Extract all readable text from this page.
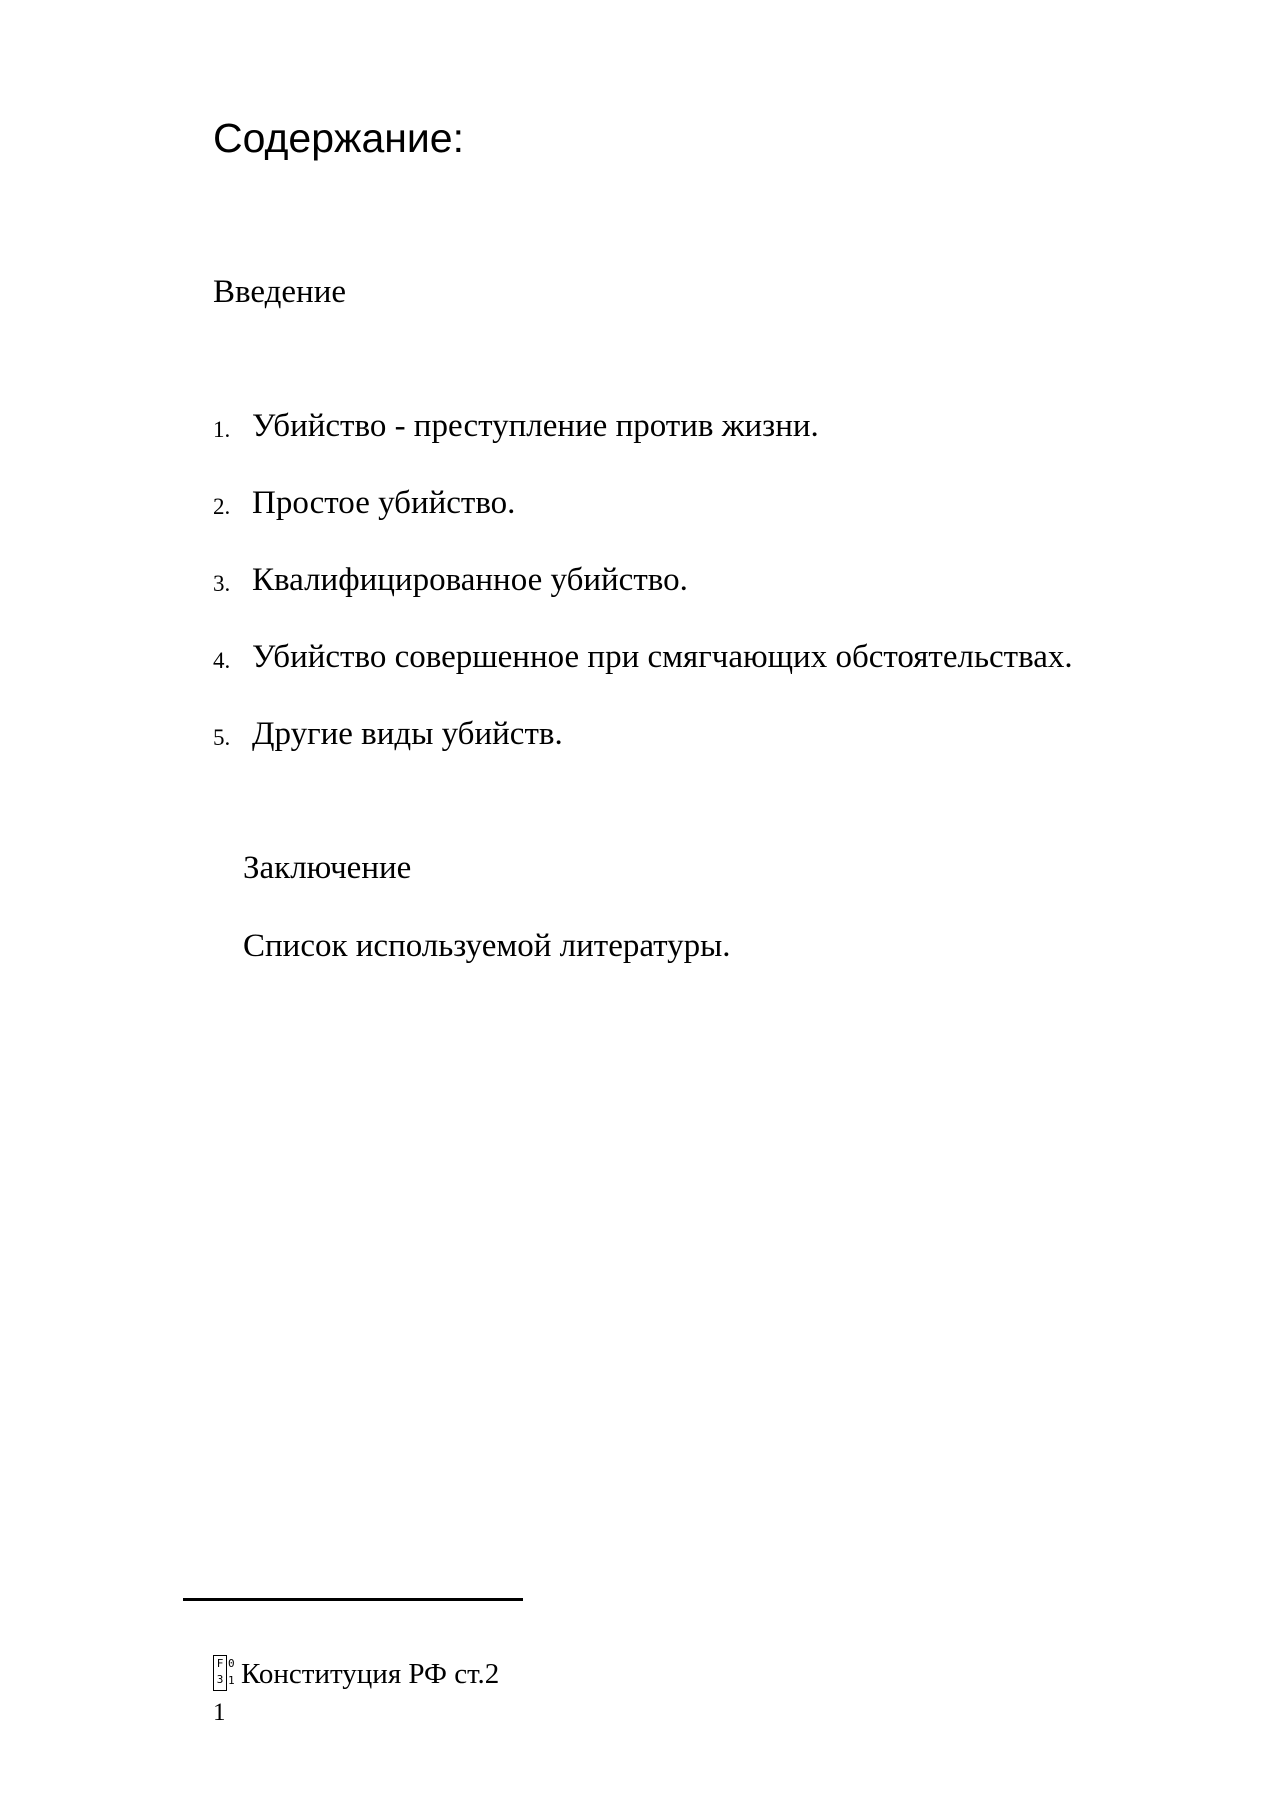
Содержание:
Введение
1. Убийство - преступление против жизни.
2. Простое убийство.
3. Квалифицированное убийство.
4. Убийство совершенное при смягчающих обстоятельствах.
5. Другие виды убийств.
Заключение
Список используемой литературы.
F
3
0
1 Конституция РФ ст.2
1
